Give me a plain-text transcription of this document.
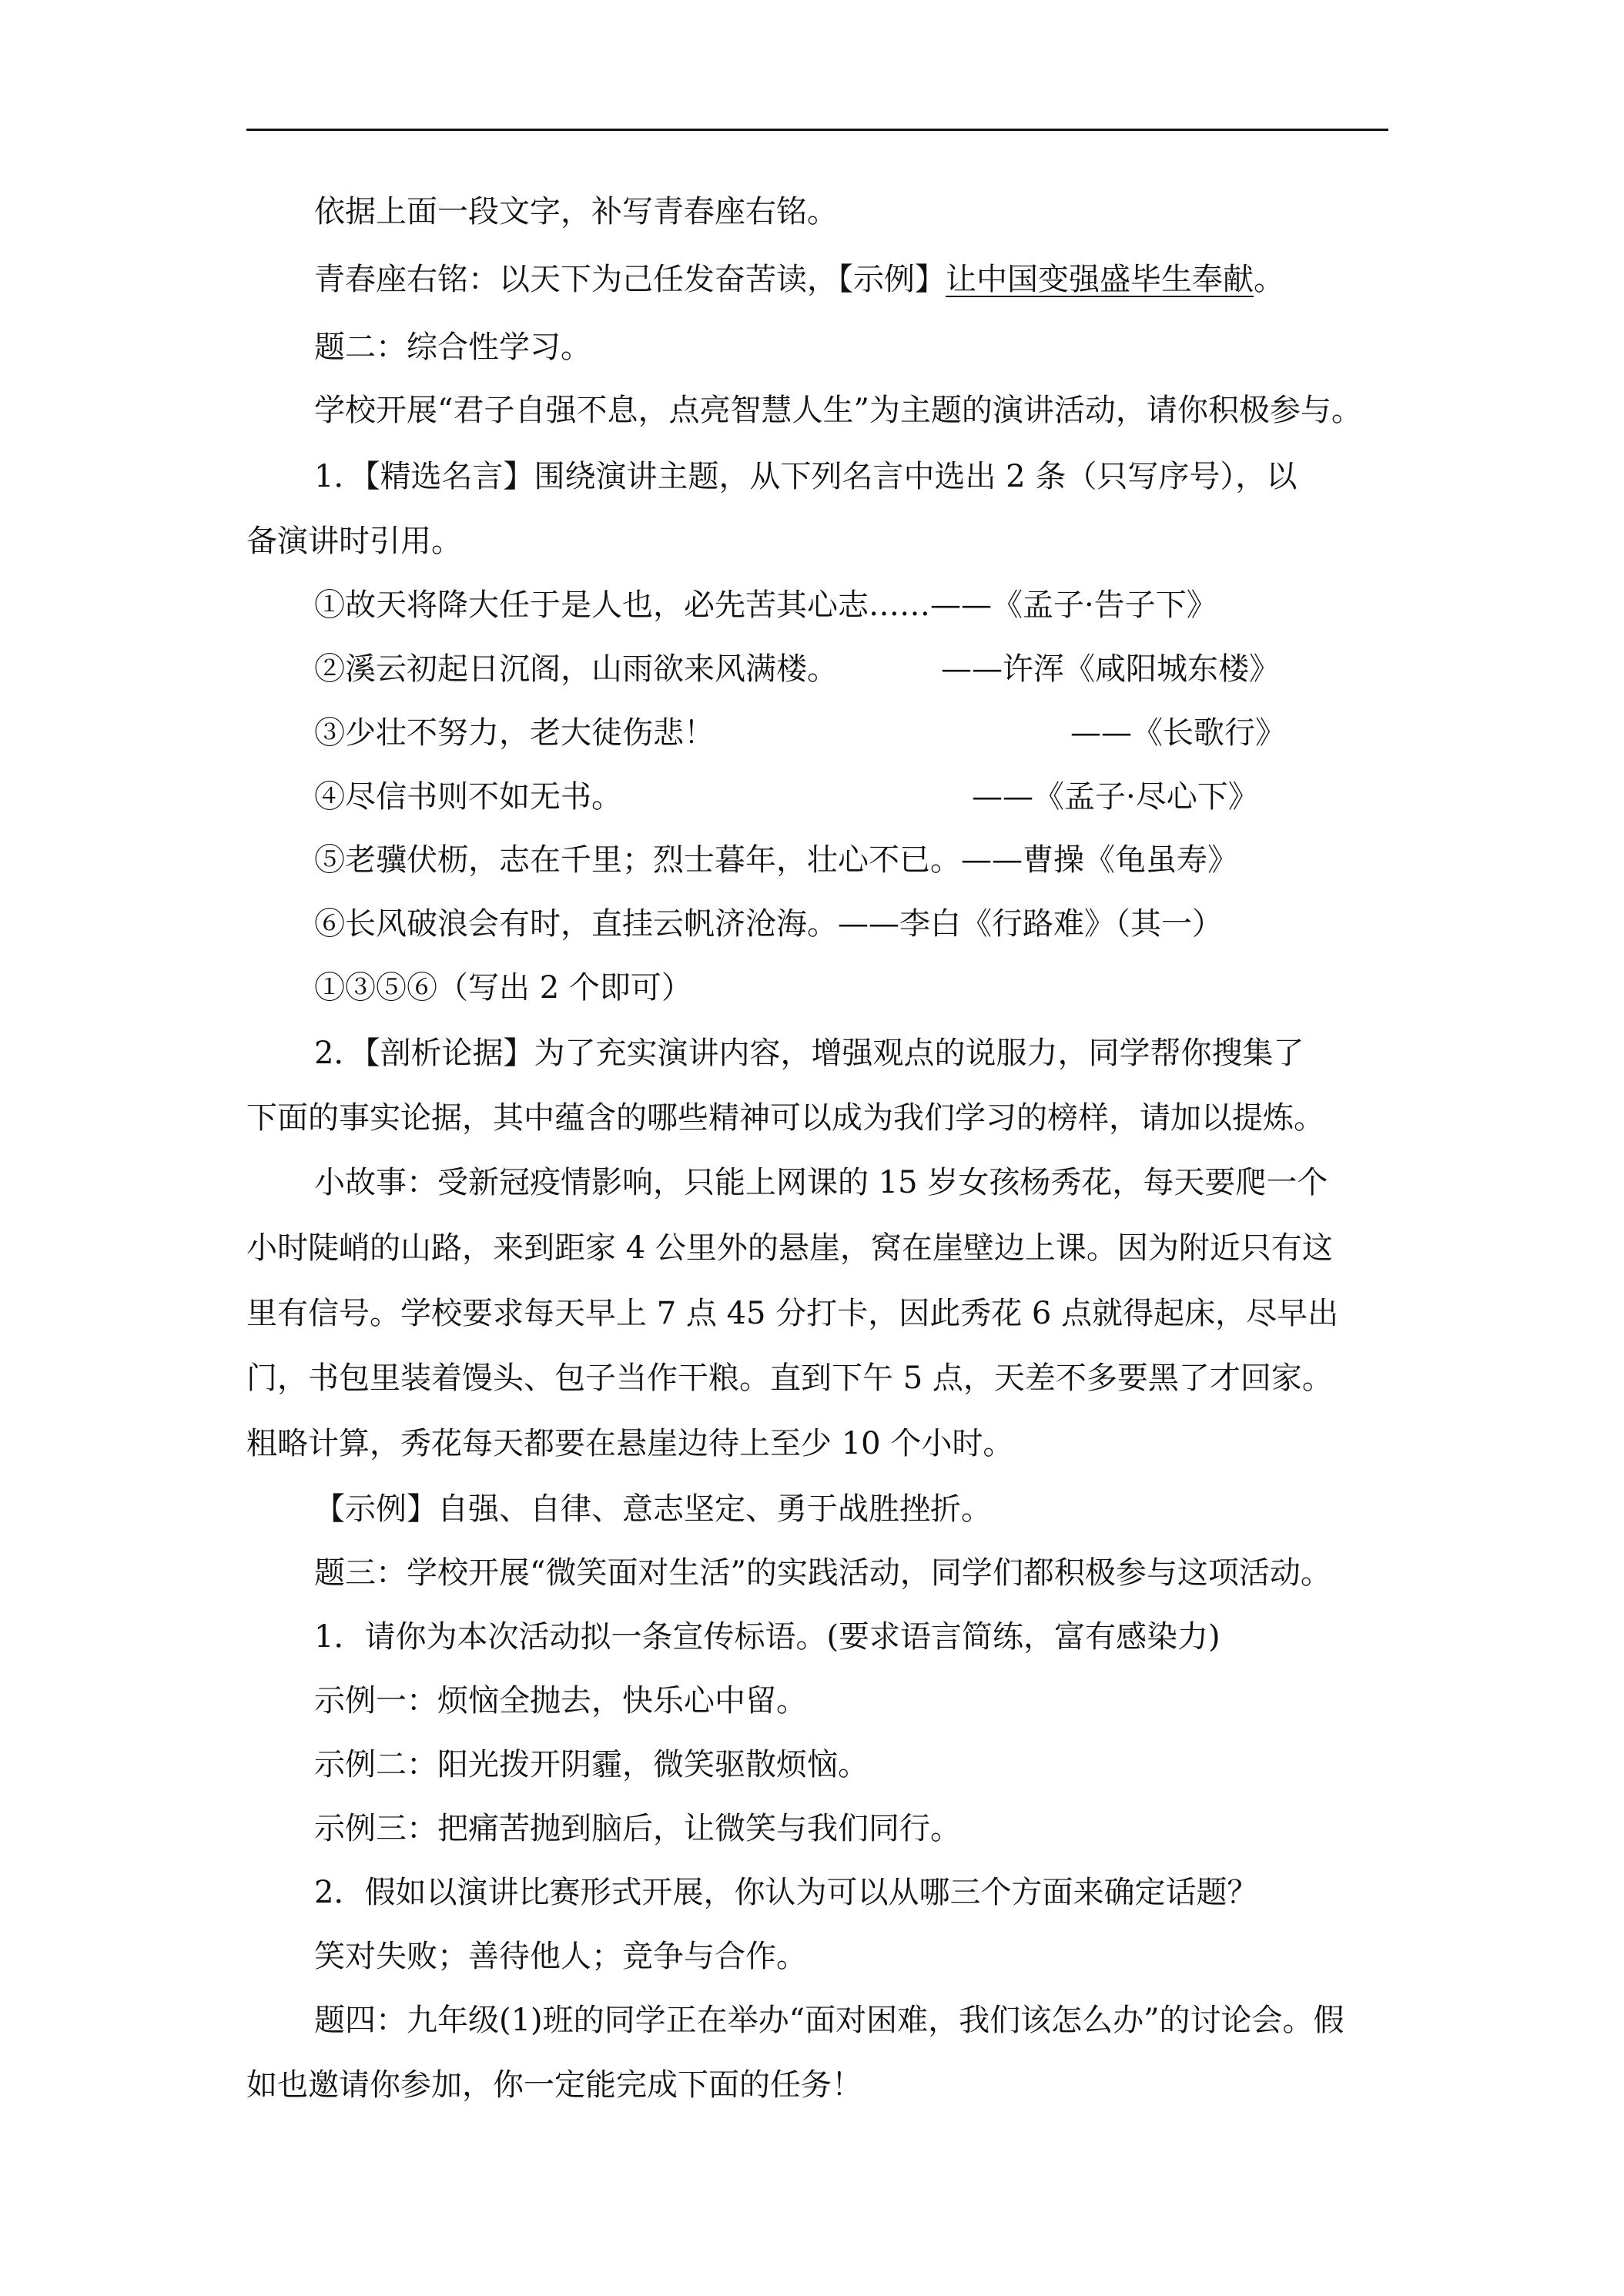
依据上面一段文字，补写青春座右铭。
青春座右铭：以天下为己任发奋苦读，【示例】让中国变强盛毕生奉献。
题二：综合性学习。
学校开展“君子自强不息，点亮智慧人生”为主题的演讲活动，请你积极参与。
1．【精选名言】围绕演讲主题，从下列名言中选出 2 条（只写序号），以
备演讲时引用。
①故天将降大任于是人也，必先苦其心志……——《孟子·告子下》
②溪云初起日沉阁，山雨欲来风满楼。	——许浑《咸阳城东楼》
③少壮不努力，老大徒伤悲！	——《长歌行》
④尽信书则不如无书。	——《孟子·尽心下》
⑤老骥伏枥，志在千里；烈士暮年，壮心不已。——曹操《龟虽寿》
⑥长风破浪会有时，直挂云帆济沧海。——李白《行路难》（其一）
①③⑤⑥（写出 2 个即可）
2．【剖析论据】为了充实演讲内容，增强观点的说服力，同学帮你搜集了
下面的事实论据，其中蕴含的哪些精神可以成为我们学习的榜样，请加以提炼。
小故事：受新冠疫情影响，只能上网课的 15 岁女孩杨秀花，每天要爬一个
小时陡峭的山路，来到距家 4 公里外的悬崖，窝在崖壁边上课。因为附近只有这
里有信号。学校要求每天早上 7 点 45 分打卡，因此秀花 6 点就得起床，尽早出
门，书包里装着馒头、包子当作干粮。直到下午 5 点，天差不多要黑了才回家。
粗略计算，秀花每天都要在悬崖边待上至少 10 个小时。
【示例】自强、自律、意志坚定、勇于战胜挫折。
题三：学校开展“微笑面对生活”的实践活动，同学们都积极参与这项活动。
1．请你为本次活动拟一条宣传标语。(要求语言简练，富有感染力)
示例一：烦恼全抛去，快乐心中留。
示例二：阳光拨开阴霾，微笑驱散烦恼。
示例三：把痛苦抛到脑后，让微笑与我们同行。
2．假如以演讲比赛形式开展，你认为可以从哪三个方面来确定话题？
笑对失败；善待他人；竞争与合作。
题四：九年级(1)班的同学正在举办“面对困难，我们该怎么办”的讨论会。假
如也邀请你参加，你一定能完成下面的任务！
